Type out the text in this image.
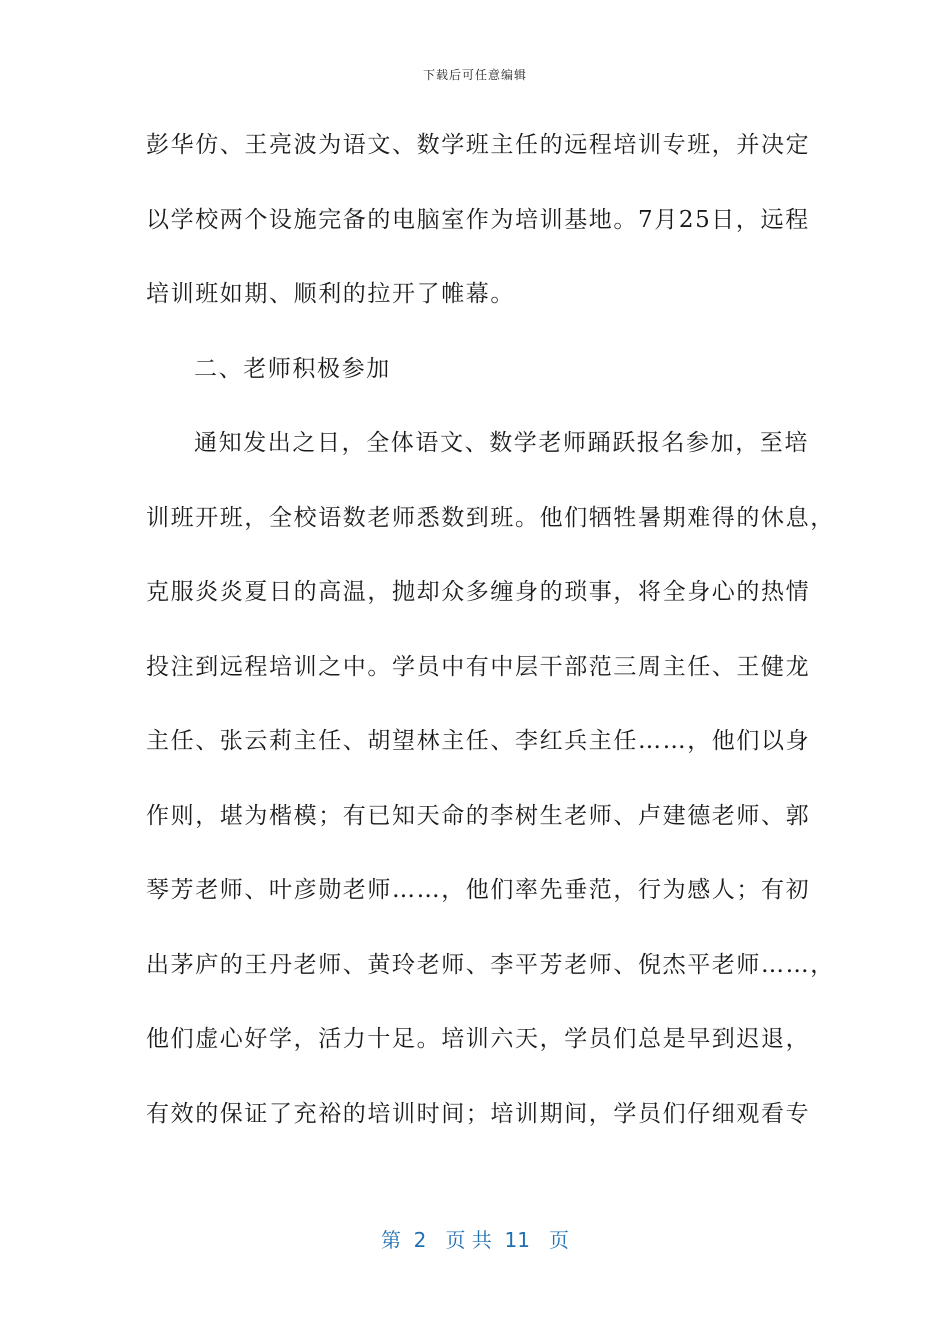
下载后可任意编辑
彭华仿、王亮波为语文、数学班主任的远程培训专班，并决定
以学校两个设施完备的电脑室作为培训基地。7月25日，远程
培训班如期、顺利的拉开了帷幕。
二、老师积极参加
通知发出之日，全体语文、数学老师踊跃报名参加，至培
训班开班，全校语数老师悉数到班。他们牺牲暑期难得的休息，
克服炎炎夏日的高温，抛却众多缠身的琐事，将全身心的热情
投注到远程培训之中。学员中有中层干部范三周主任、王健龙
主任、张云莉主任、胡望林主任、李红兵主任……，他们以身
作则，堪为楷模；有已知天命的李树生老师、卢建德老师、郭
琴芳老师、叶彦勋老师……，他们率先垂范，行为感人；有初
出茅庐的王丹老师、黄玲老师、李平芳老师、倪杰平老师……，
他们虚心好学，活力十足。培训六天，学员们总是早到迟退，
有效的保证了充裕的培训时间；培训期间，学员们仔细观看专
第  2   页 共  11   页
